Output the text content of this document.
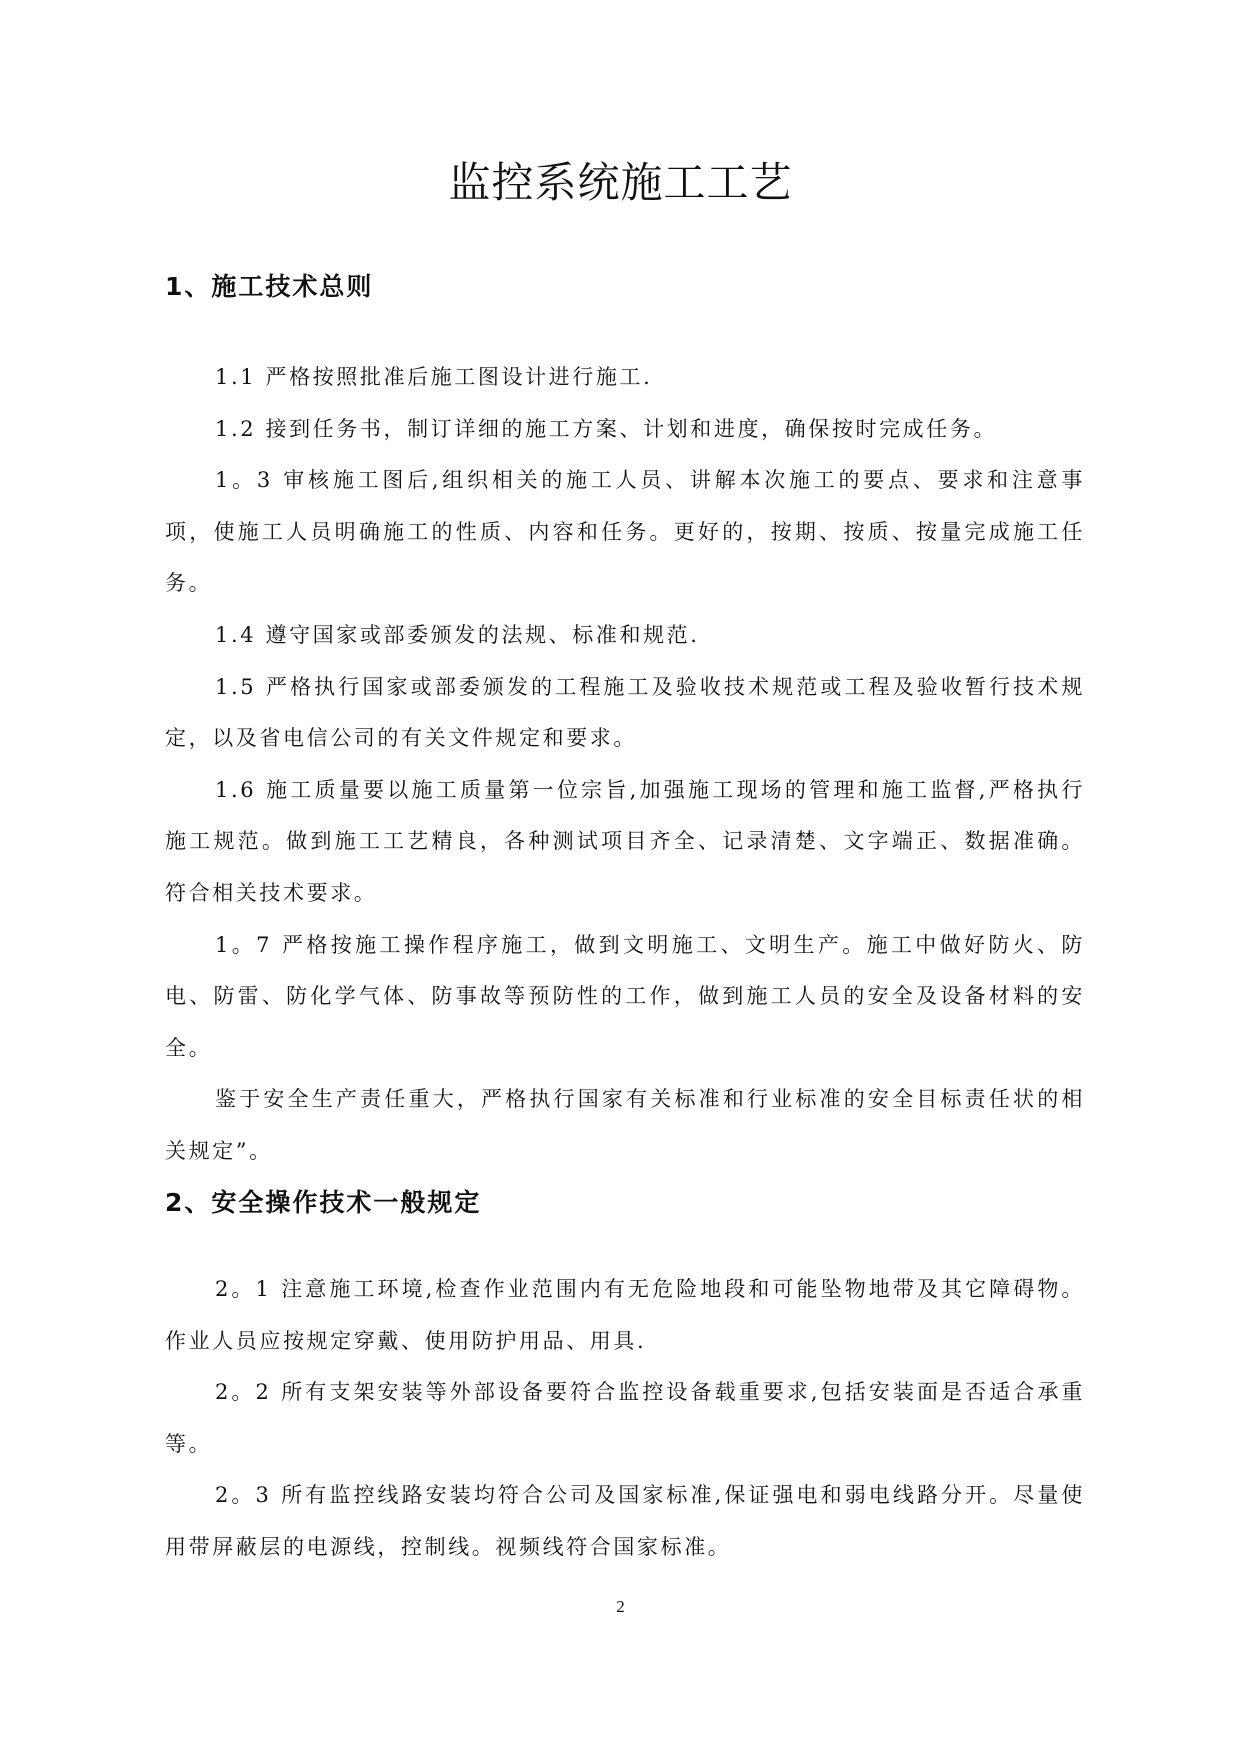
监控系统施工工艺
1、施工技术总则

1.1 严格按照批准后施工图设计进行施工.

1.2 接到任务书，制订详细的施工方案、计划和进度，确保按时完成任务。

1。3 审核施工图后,组织相关的施工人员、讲解本次施工的要点、要求和注意事项，使施工人员明确施工的性质、内容和任务。更好的，按期、按质、按量完成施工任务。

1.4 遵守国家或部委颁发的法规、标准和规范.

1.5 严格执行国家或部委颁发的工程施工及验收技术规范或工程及验收暂行技术规定，以及省电信公司的有关文件规定和要求。

1.6 施工质量要以施工质量第一位宗旨,加强施工现场的管理和施工监督,严格执行施工规范。做到施工工艺精良，各种测试项目齐全、记录清楚、文字端正、数据准确。符合相关技术要求。

1。7 严格按施工操作程序施工，做到文明施工、文明生产。施工中做好防火、防电、防雷、防化学气体、防事故等预防性的工作，做到施工人员的安全及设备材料的安全。

鉴于安全生产责任重大，严格执行国家有关标准和行业标准的安全目标责任状的相关规定”。

2、安全操作技术一般规定

2。1 注意施工环境,检查作业范围内有无危险地段和可能坠物地带及其它障碍物。作业人员应按规定穿戴、使用防护用品、用具.

2。2 所有支架安装等外部设备要符合监控设备载重要求,包括安装面是否适合承重等。

2。3 所有监控线路安装均符合公司及国家标准,保证强电和弱电线路分开。尽量使用带屏蔽层的电源线，控制线。视频线符合国家标准。

2
